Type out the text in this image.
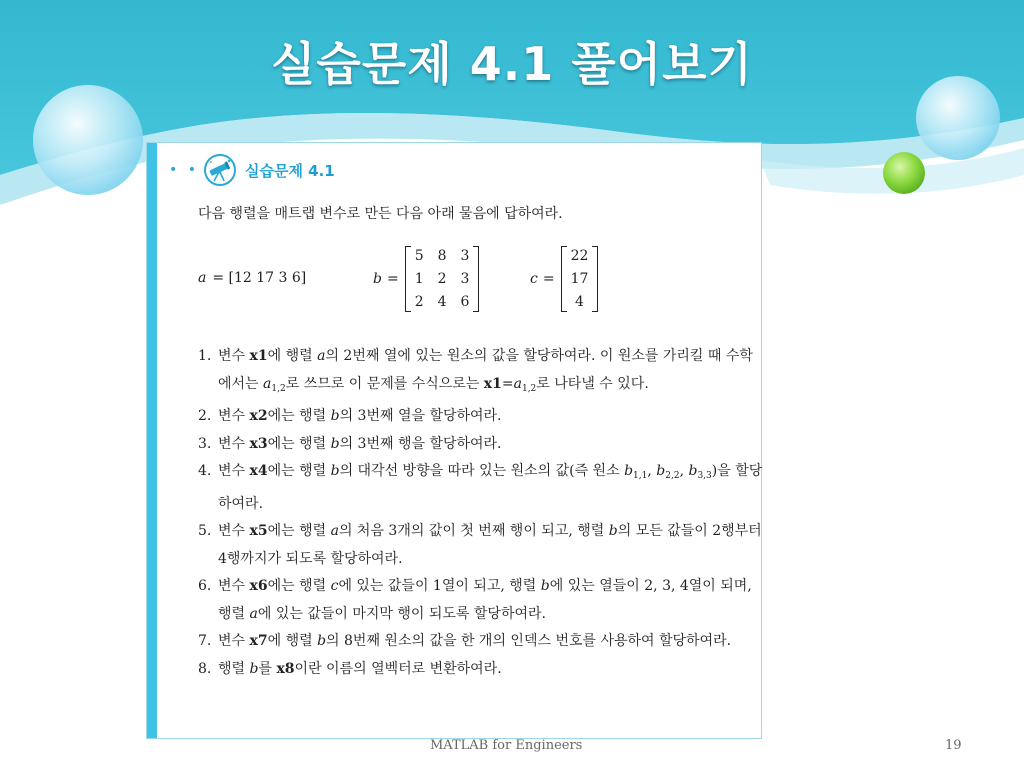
실습문제 4.1 풀어보기
• •	실습문제 4.1
다음 행렬을 매트랩 변수로 만든 다음 아래 물음에 답하여라.
a = [12 17 3 6]	b =
5 8 3
1 2 3
2 4 6
c =
22
17
4
1. 변수 x1에 행렬 a의 2번째 열에 있는 원소의 값을 할당하여라. 이 원소를 가리킬 때 수학에서는 $a_{1,2}$로 쓰므로 이 문제를 수식으로는 $x1=a_{1,2}$로 나타낼 수 있다.
2. 변수 x2에는 행렬 b의 3번째 열을 할당하여라.
3. 변수 x3에는 행렬 b의 3번째 행을 할당하여라.
4. 변수 x4에는 행렬 b의 대각선 방향을 따라 있는 원소의 값(즉 원소 $b_{1,1}$, $b_{2,2}$, $b_{3,3}$)을 할당하여라.
5. 변수 x5에는 행렬 a의 처음 3개의 값이 첫 번째 행이 되고, 행렬 b의 모든 값들이 2행부터 4행까지가 되도록 할당하여라.
6. 변수 x6에는 행렬 c에 있는 값들이 1열이 되고, 행렬 b에 있는 열들이 2, 3, 4열이 되며, 행렬 a에 있는 값들이 마지막 행이 되도록 할당하여라.
7. 변수 x7에 행렬 b의 8번째 원소의 값을 한 개의 인덱스 번호를 사용하여 할당하여라.
8. 행렬 b를 x8이란 이름의 열벡터로 변환하여라.
MATLAB for Engineers	19
